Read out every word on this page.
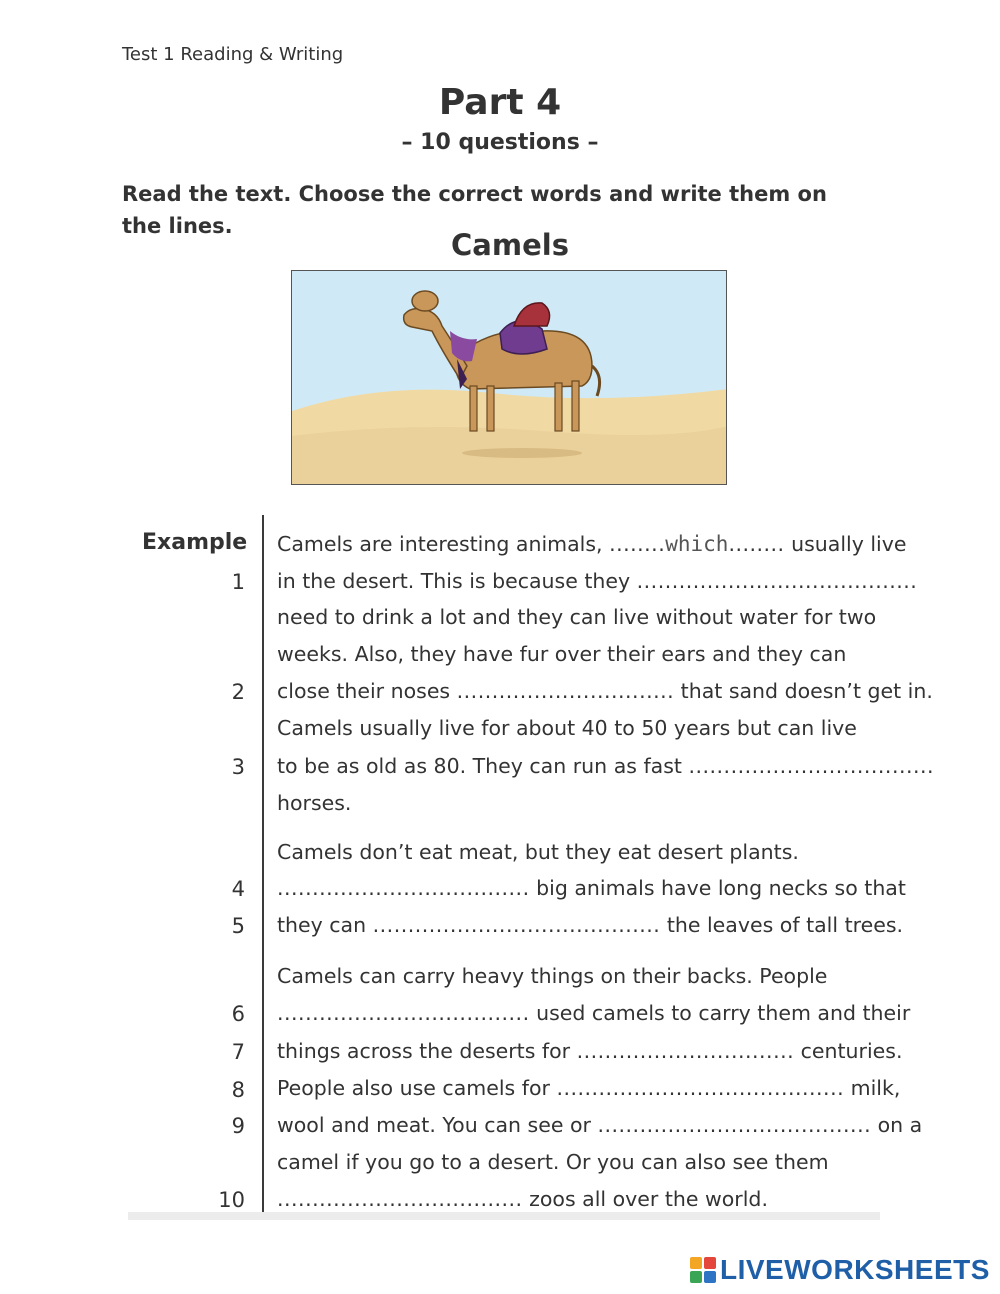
Test 1 Reading & Writing
Part 4
– 10 questions –
Read the text. Choose the correct words and write them on the lines.
Camels
Example
1
2
3
4
5
6
7
8
9
10
Camels are interesting animals, ........which........ usually live
in the desert. This is because they ........................................
need to drink a lot and they can live without water for two
weeks. Also, they have fur over their ears and they can
close their noses ............................... that sand doesn’t get in.
Camels usually live for about 40 to 50 years but can live
to be as old as 80. They can run as fast ...................................
horses.
Camels don’t eat meat, but they eat desert plants.
.................................... big animals have long necks so that
they can ......................................... the leaves of tall trees.
Camels can carry heavy things on their backs. People
.................................... used camels to carry them and their
things across the deserts for ............................... centuries.
People also use camels for ......................................... milk,
wool and meat. You can see or ....................................... on a
camel if you go to a desert. Or you can also see them
................................... zoos all over the world.
LIVEWORKSHEETS
